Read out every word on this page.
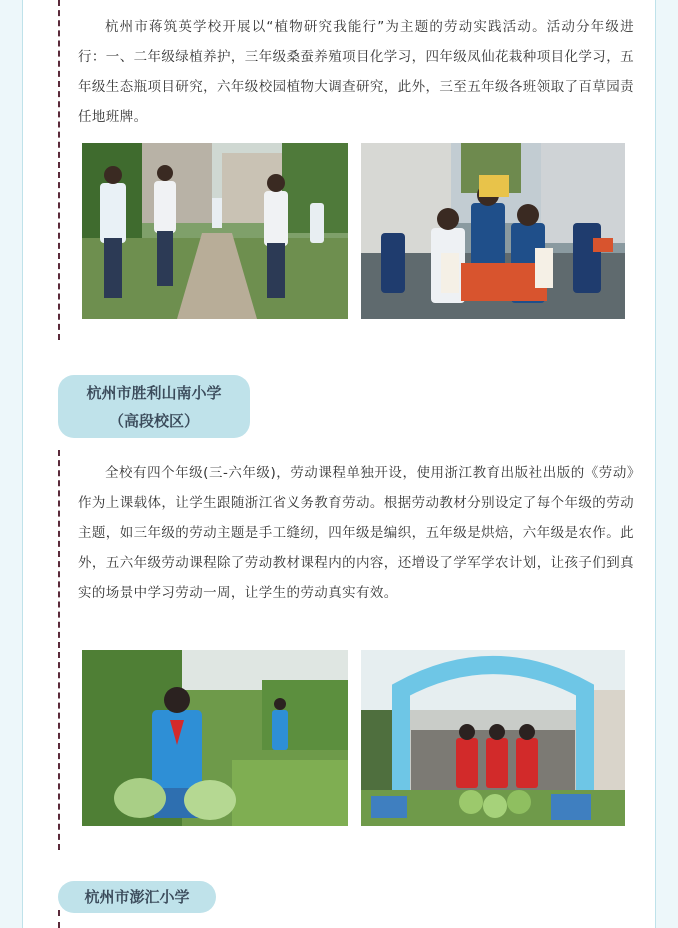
杭州市蒋筑英学校开展以“植物研究我能行”为主题的劳动实践活动。活动分年级进行：一、二年级绿植养护，三年级桑蚕养殖项目化学习，四年级凤仙花栽种项目化学习，五年级生态瓶项目研究，六年级校园植物大调查研究，此外，三至五年级各班领取了百草园责任地班牌。

杭州市胜利山南小学
（高段校区）

全校有四个年级(三-六年级)，劳动课程单独开设，使用浙江教育出版社出版的《劳动》作为上课载体，让学生跟随浙江省义务教育劳动。根据劳动教材分别设定了每个年级的劳动主题，如三年级的劳动主题是手工缝纫，四年级是编织，五年级是烘焙，六年级是农作。此外，五六年级劳动课程除了劳动教材课程内的内容，还增设了学军学农计划，让孩子们到真实的场景中学习劳动一周，让学生的劳动真实有效。

杭州市澎汇小学
